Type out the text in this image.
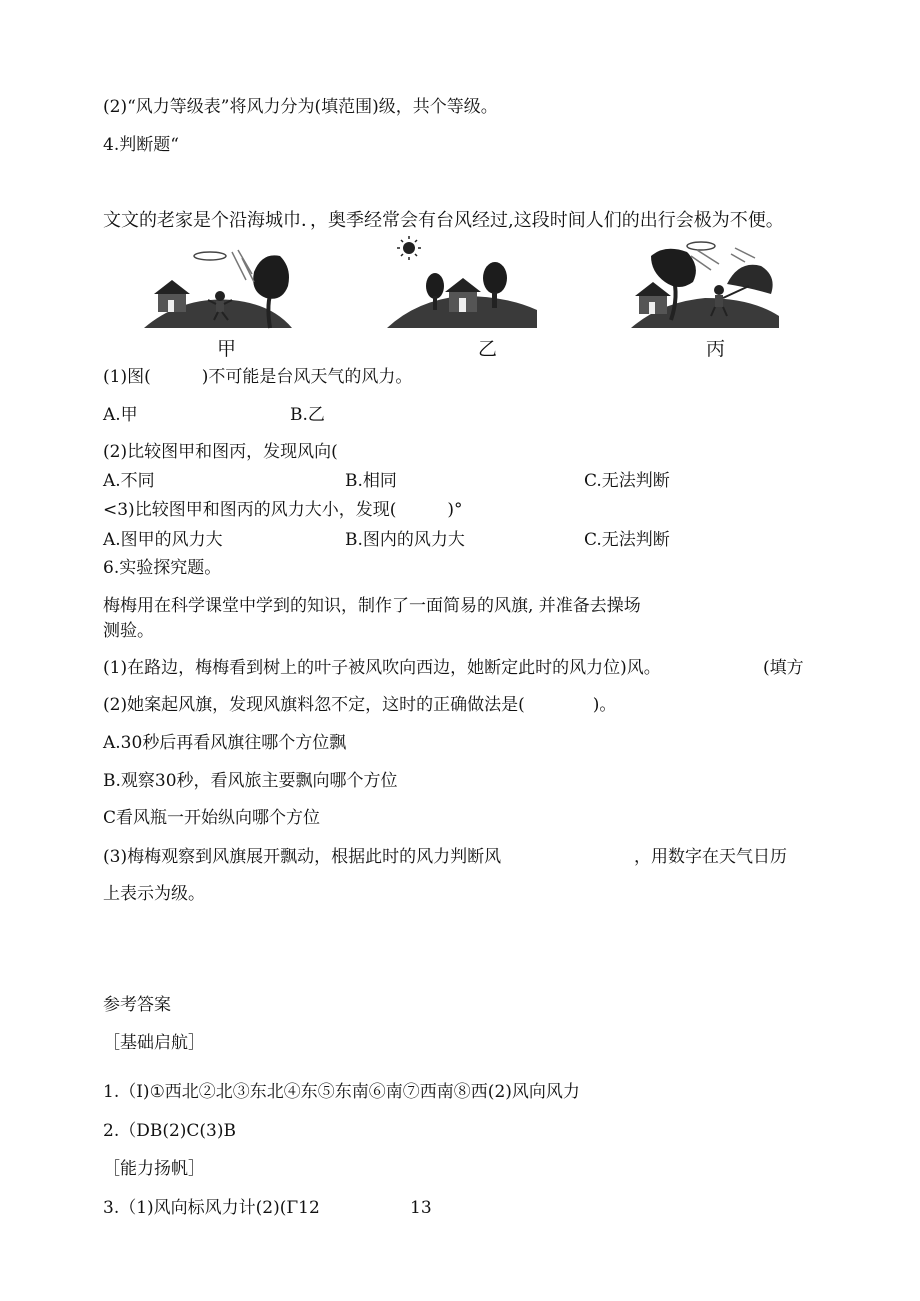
(2)“风力等级表”将风力分为(填范围)级，共个等级。
4.判断题“
文文的老家是个沿海城巾．，奥季经常会有台风经过,这段时间人们的出行会极为不便。
甲	乙	丙
(1)图(　　　)不可能是台风天气的风力。
A.甲	B.乙
(2)比较图甲和图丙，发现风向(
A.不同	B.相同	C.无法判断
<3)比较图甲和图丙的风力大小，发现(　　　)°
A.图甲的风力大	B.图内的风力大	C.无法判断
6.实验探究题。
梅梅用在科学课堂中学到的知识，制作了一面简易的风旗, 并准备去操场
测验。
(1)在路边，梅梅看到树上的叶子被风吹向西边，她断定此时的风力位)风。	(填方
(2)她案起风旗，发现风旗料忽不定，这时的正确做法是(　　　　)。
A.30秒后再看风旗往哪个方位飘
B.观察30秒，看风旅主要飘向哪个方位
C看风瓶一开始纵向哪个方位
(3)梅梅观察到风旗展开飘动，根据此时的风力判断风	，用数字在天气日历
上表示为级。
参考答案
［基础启航］
1.（I)①西北②北③东北④东⑤东南⑥南⑦西南⑧西(2)风向风力
2.（DB(2)C(3)B
［能力扬帆］
3.（1)风向标风力计(2)(Γ12	13
